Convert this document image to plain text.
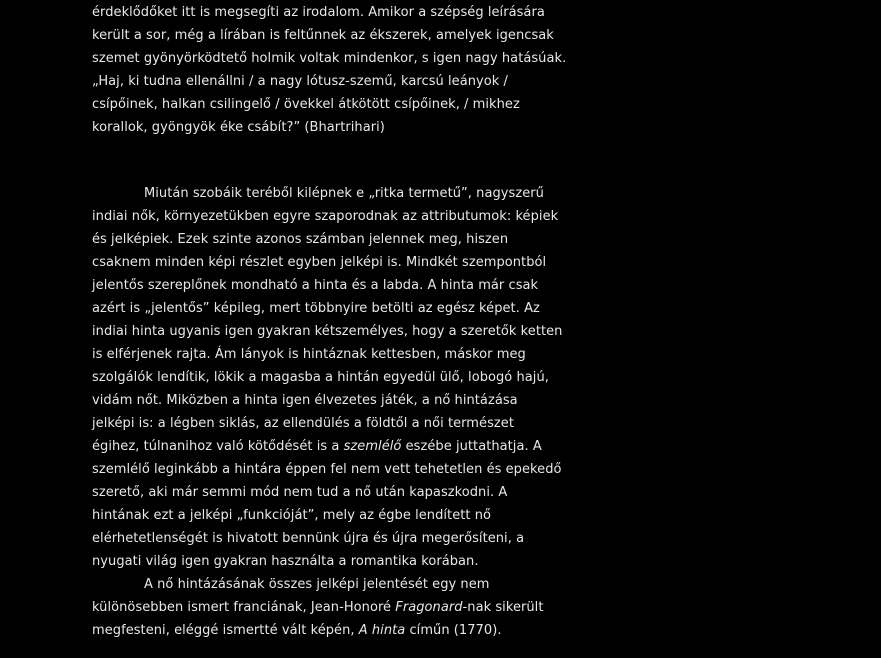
érdeklődőket itt is megsegíti az irodalom. Amikor a szépség leírására
került a sor, még a lírában is feltűnnek az ékszerek, amelyek igencsak
szemet gyönyörködtető holmik voltak mindenkor, s igen nagy hatásúak.
„Haj, ki tudna ellenállni / a nagy lótusz-szemű, karcsú leányok /
csípőinek, halkan csilingelő / övekkel átkötött csípőinek, / mikhez
korallok, gyöngyök éke csábít?” (Bhartrihari)
Miután szobáik teréből kilépnek e „ritka termetű”, nagyszerű
indiai nők, környezetükben egyre szaporodnak az attributumok: képiek
és jelképiek. Ezek szinte azonos számban jelennek meg, hiszen
csaknem minden képi részlet egyben jelképi is. Mindkét szempontból
jelentős szereplőnek mondható a hinta és a labda. A hinta már csak
azért is „jelentős” képileg, mert többnyire betölti az egész képet. Az
indiai hinta ugyanis igen gyakran kétszemélyes, hogy a szeretők ketten
is elférjenek rajta. Ám lányok is hintáznak kettesben, máskor meg
szolgálók lendítik, lökik a magasba a hintán egyedül ülő, lobogó hajú,
vidám nőt. Miközben a hinta igen élvezetes játék, a nő hintázása
jelképi is: a légben siklás, az ellendülés a földtől a női természet
égihez, túlnanihoz való kötődését is a szemlélő eszébe juttathatja. A
szemlélő leginkább a hintára éppen fel nem vett tehetetlen és epekedő
szerető, aki már semmi mód nem tud a nő után kapaszkodni. A
hintának ezt a jelképi „funkcióját”, mely az égbe lendített nő
elérhetetlenségét is hivatott bennünk újra és újra megerősíteni, a
nyugati világ igen gyakran használta a romantika korában.
A nő hintázásának összes jelképi jelentését egy nem
különösebben ismert franciának, Jean-Honoré Fragonard-nak sikerült
megfesteni, eléggé ismertté vált képén, A hinta címűn (1770).
